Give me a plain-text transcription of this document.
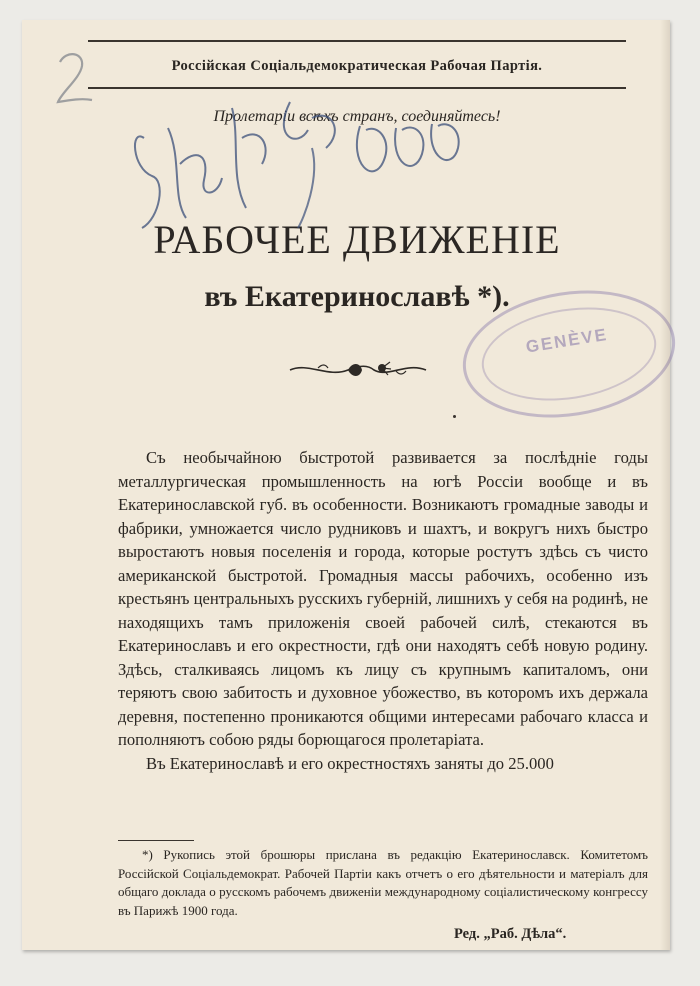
Россійская Соціальдемократическая Рабочая Партія.
Пролетаріи всѣхъ странъ, соединяйтесь!
РАБОЧЕЕ ДВИЖЕНІЕ
въ Екатеринославѣ *).
GENÈVE

Съ необычайною быстротой развивается за послѣдніе годы металлургическая промышленность на югѣ Россіи вообще и въ Екатеринославской губ. въ особенности. Возникаютъ громадные заводы и фабрики, умножается число рудниковъ и шахтъ, и вокругъ нихъ быстро выростаютъ новыя поселенія и города, которые ростутъ здѣсь съ чисто американской быстротой. Громадныя массы рабочихъ, особенно изъ крестьянъ центральныхъ русскихъ губерній, лишнихъ у себя на родинѣ, не находящихъ тамъ приложенія своей рабочей силѣ, стекаются въ Екатеринославъ и его окрестности, гдѣ они находятъ себѣ новую родину. Здѣсь, сталкиваясь лицомъ къ лицу съ крупнымъ капиталомъ, они теряютъ свою забитость и духовное убожество, въ которомъ ихъ держала деревня, постепенно проникаются общими интересами рабочаго класса и пополняютъ собою ряды борющагося пролетаріата.

Въ Екатеринославѣ и его окрестностяхъ заняты до 25.000

*) Рукопись этой брошюры прислана въ редакцію Екатеринославск. Комитетомъ Россійской Соціальдемократ. Рабочей Партіи какъ отчетъ о его дѣятельности и матеріалъ для общаго доклада о русскомъ рабочемъ движеніи международному соціалистическому конгрессу въ Парижѣ 1900 года.

Ред. „Раб. Дѣла“.
